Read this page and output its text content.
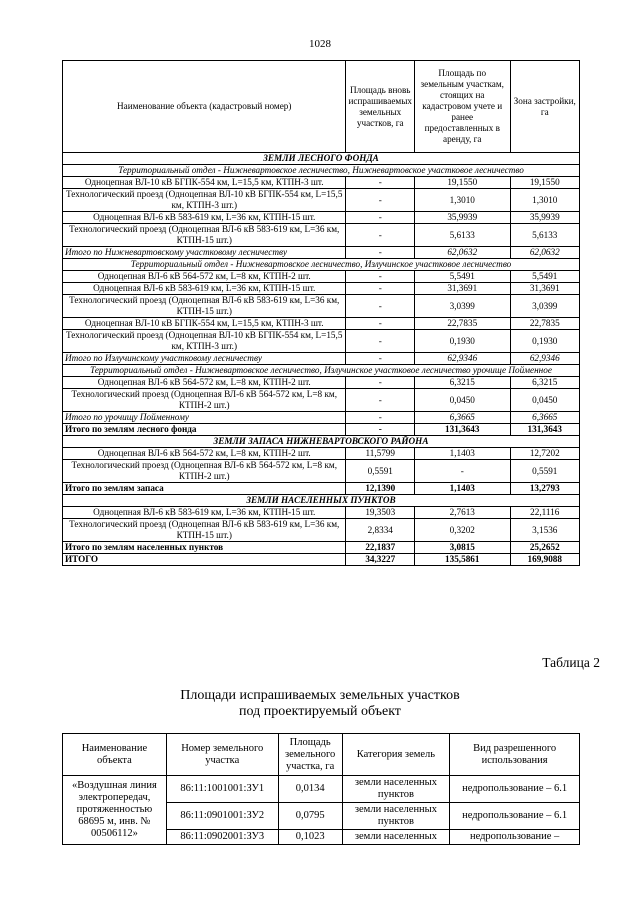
1028
Наименование объекта (кадастровый номер)	Площадь вновь испрашиваемых земельных участков, га	Площадь по земельным участкам, стоящих на кадастровом учете и ранее предоставленных в аренду, га	Зона застройки, га
ЗЕМЛИ ЛЕСНОГО ФОНДА			
Территориальный отдел - Нижневартовское лесничество, Нижневартовское участковое лесничество			
Одноцепная ВЛ-10 кВ БГПК-554 км, L=15,5 км, КТПН-3 шт.	-	19,1550	19,1550
Технологический проезд (Одноцепная ВЛ-10 кВ БГПК-554 км, L=15,5 км, КТПН-3 шт.)	-	1,3010	1,3010
Одноцепная ВЛ-6 кВ 583-619 км, L=36 км, КТПН-15 шт.	-	35,9939	35,9939
Технологический проезд (Одноцепная ВЛ-6 кВ 583-619 км, L=36 км, КТПН-15 шт.)	-	5,6133	5,6133
Итого по Нижневартовскому участковому лесничеству	-	62,0632	62,0632
Территориальный отдел - Нижневартовское лесничество, Излучинское участковое лесничество			
Одноцепная ВЛ-6 кВ 564-572 км, L=8 км, КТПН-2 шт.	-	5,5491	5,5491
Одноцепная ВЛ-6 кВ 583-619 км, L=36 км, КТПН-15 шт.	-	31,3691	31,3691
Технологический проезд (Одноцепная ВЛ-6 кВ 583-619 км, L=36 км, КТПН-15 шт.)	-	3,0399	3,0399
Одноцепная ВЛ-10 кВ БГПК-554 км, L=15,5 км, КТПН-3 шт.	-	22,7835	22,7835
Технологический проезд (Одноцепная ВЛ-10 кВ БГПК-554 км, L=15,5 км, КТПН-3 шт.)	-	0,1930	0,1930
Итого по Излучинскому участковому лесничеству	-	62,9346	62,9346
Территориальный отдел - Нижневартовское лесничество, Излучинское участковое лесничество урочище Пойменное			
Одноцепная ВЛ-6 кВ 564-572 км, L=8 км, КТПН-2 шт.	-	6,3215	6,3215
Технологический проезд (Одноцепная ВЛ-6 кВ 564-572 км, L=8 км, КТПН-2 шт.)	-	0,0450	0,0450
Итого по урочищу Пойменному	-	6,3665	6,3665
Итого по землям лесного фонда	-	131,3643	131,3643
ЗЕМЛИ ЗАПАСА НИЖНЕВАРТОВСКОГО РАЙОНА			
Одноцепная ВЛ-6 кВ 564-572 км, L=8 км, КТПН-2 шт.	11,5799	1,1403	12,7202
Технологический проезд (Одноцепная ВЛ-6 кВ 564-572 км, L=8 км, КТПН-2 шт.)	0,5591	-	0,5591
Итого по землям запаса	12,1390	1,1403	13,2793
ЗЕМЛИ НАСЕЛЕННЫХ ПУНКТОВ			
Одноцепная ВЛ-6 кВ 583-619 км, L=36 км, КТПН-15 шт.	19,3503	2,7613	22,1116
Технологический проезд (Одноцепная ВЛ-6 кВ 583-619 км, L=36 км, КТПН-15 шт.)	2,8334	0,3202	3,1536
Итого по землям населенных пунктов	22,1837	3,0815	25,2652
ИТОГО	34,3227	135,5861	169,9088
Таблица 2
Площади испрашиваемых земельных участков
под проектируемый объект
Наименование объекта	Номер земельного участка	Площадь земельного участка, га	Категория земель	Вид разрешенного использования
«Воздушная линия электропередач, протяженностью 68695 м, инв. № 00506112»	86:11:1001001:ЗУ1	0,0134	земли населенных пунктов	недропользование – 6.1
	86:11:0901001:ЗУ2	0,0795	земли населенных пунктов	недропользование – 6.1
	86:11:0902001:ЗУ3	0,1023	земли населенных	недропользование –
